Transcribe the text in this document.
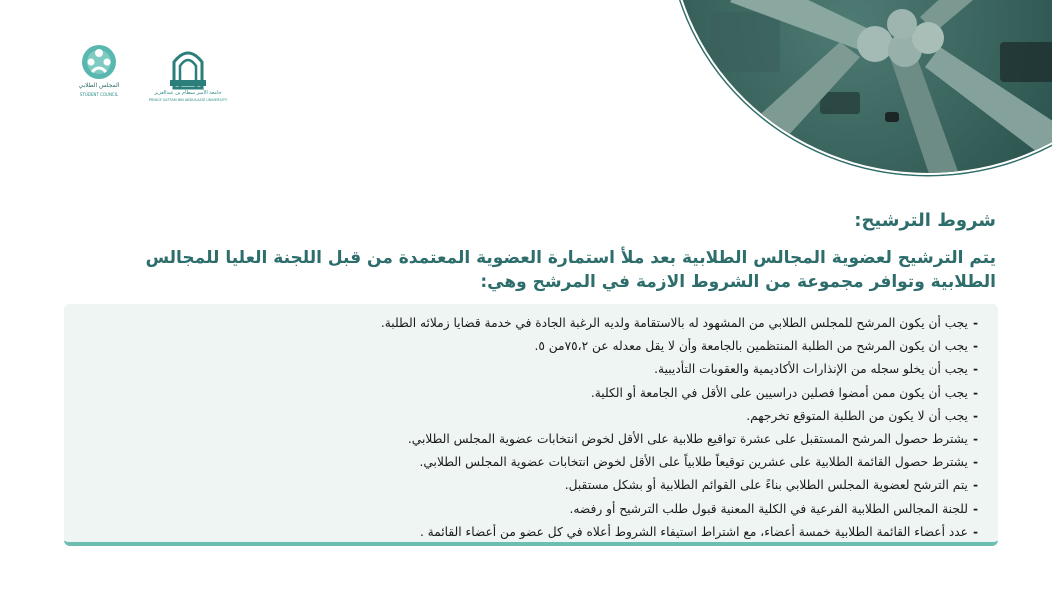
المجلس الطلابي
STUDENT COUNCIL	جامعة الأمير سطام بن عبدالعزيز
PRINCE SATTAM BIN ABDULAZIZ UNIVERSITY
شروط الترشيح:
يتم الترشيح لعضوية المجالس الطلابية بعد ملأ استمارة العضوية المعتمدة من قبل اللجنة العليا للمجالس الطلابية وتوافر مجموعة من الشروط الازمة في المرشح وهي:
-يجب أن يكون المرشح للمجلس الطلابي من المشهود له بالاستقامة ولديه الرغبة الجادة في خدمة قضايا زملائه الطلبة.
-يجب ان يكون المرشح من الطلبة المنتظمين بالجامعة وأن لا يقل معدله عن ٧٥،٢من ٥.
-يجب أن يخلو سجله من الإنذارات الأكاديمية والعقوبات التأديبية.
-يجب أن يكون ممن أمضوا فصلين دراسيين على الأقل في الجامعة أو الكلية.
-يجب أن لا يكون من الطلبة المتوقع تخرجهم.
-يشترط حصول المرشح المستقبل على عشرة تواقيع طلابية على الأقل لخوض انتخابات عضوية المجلس الطلابي.
-يشترط حصول القائمة الطلابية على عشرين توقيعاً طلابياً على الأقل لخوض انتخابات عضوية المجلس الطلابي.
-يتم الترشح لعضوية المجلس الطلابي بناءً على القوائم الطلابية أو بشكل مستقبل.
-للجنة المجالس الطلابية الفرعية في الكلية المعنية قبول طلب الترشيح أو رفضه.
-عدد أعضاء القائمة الطلابية خمسة أعضاء، مع اشتراط استيفاء الشروط أعلاه في كل عضو من أعضاء القائمة .
